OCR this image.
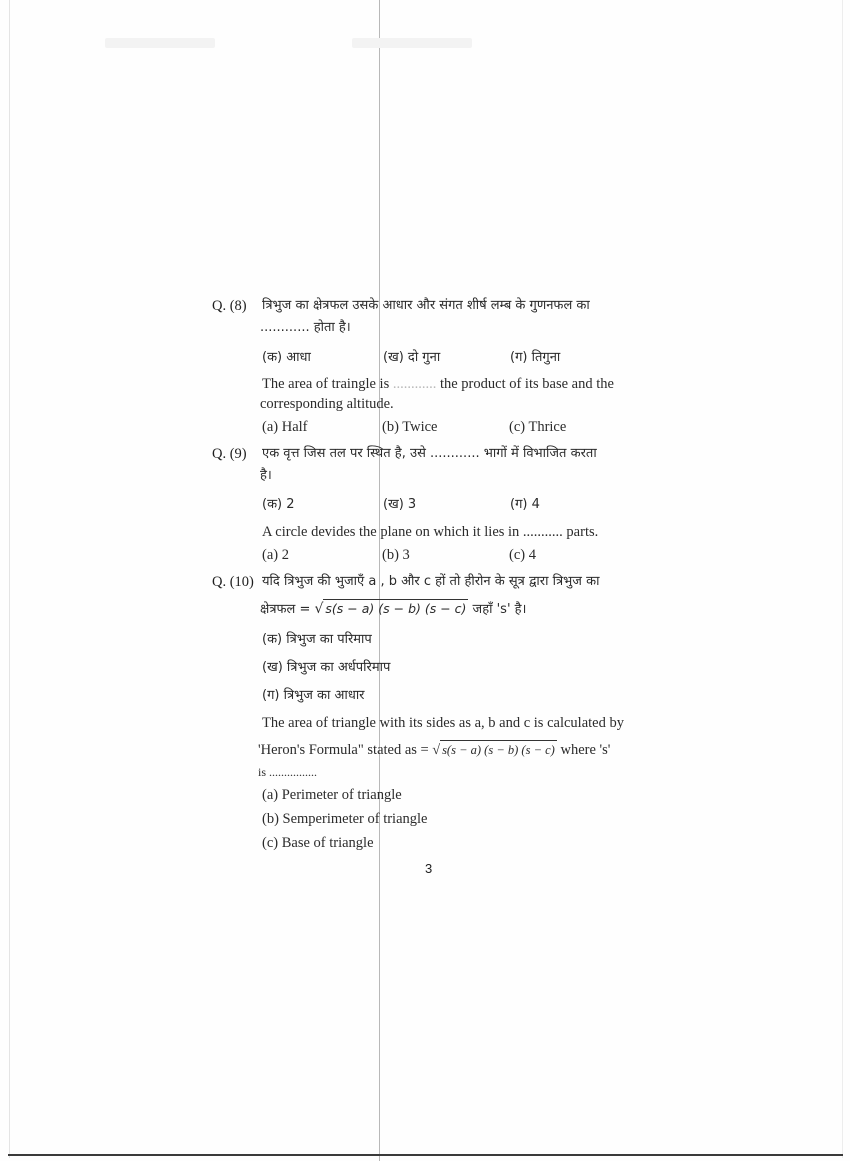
Q. (8) त्रिभुज का क्षेत्रफल उसके आधार और संगत शीर्ष लम्ब के गुणनफल का
............ होता है।
(क) आधा	(ख) दो गुना	(ग) तिगुना
The area of traingle is ............ the product of its base and the
corresponding altitude.
(a) Half	(b) Twice	(c) Thrice
Q. (9) एक वृत्त जिस तल पर स्थित है, उसे ............ भागों में विभाजित करता
है।
(क) 2	(ख) 3	(ग) 4
A circle devides the plane on which it lies in ........... parts.
(a) 2	(b) 3	(c) 4
Q. (10) यदि त्रिभुज की भुजाएँ a , b और c हों तो हीरोन के सूत्र द्वारा त्रिभुज का
क्षेत्रफल = √ s(s − a) (s − b) (s − c) जहाँ 's' है।
(क) त्रिभुज का परिमाप
(ख) त्रिभुज का अर्धपरिमाप
(ग) त्रिभुज का आधार
The area of triangle with its sides as a, b and c is calculated by
'Heron's Formula" stated as = √ s(s − a) (s − b) (s − c) where 's'
is ................
(a) Perimeter of triangle
(b) Semperimeter of triangle
(c) Base of triangle
3
